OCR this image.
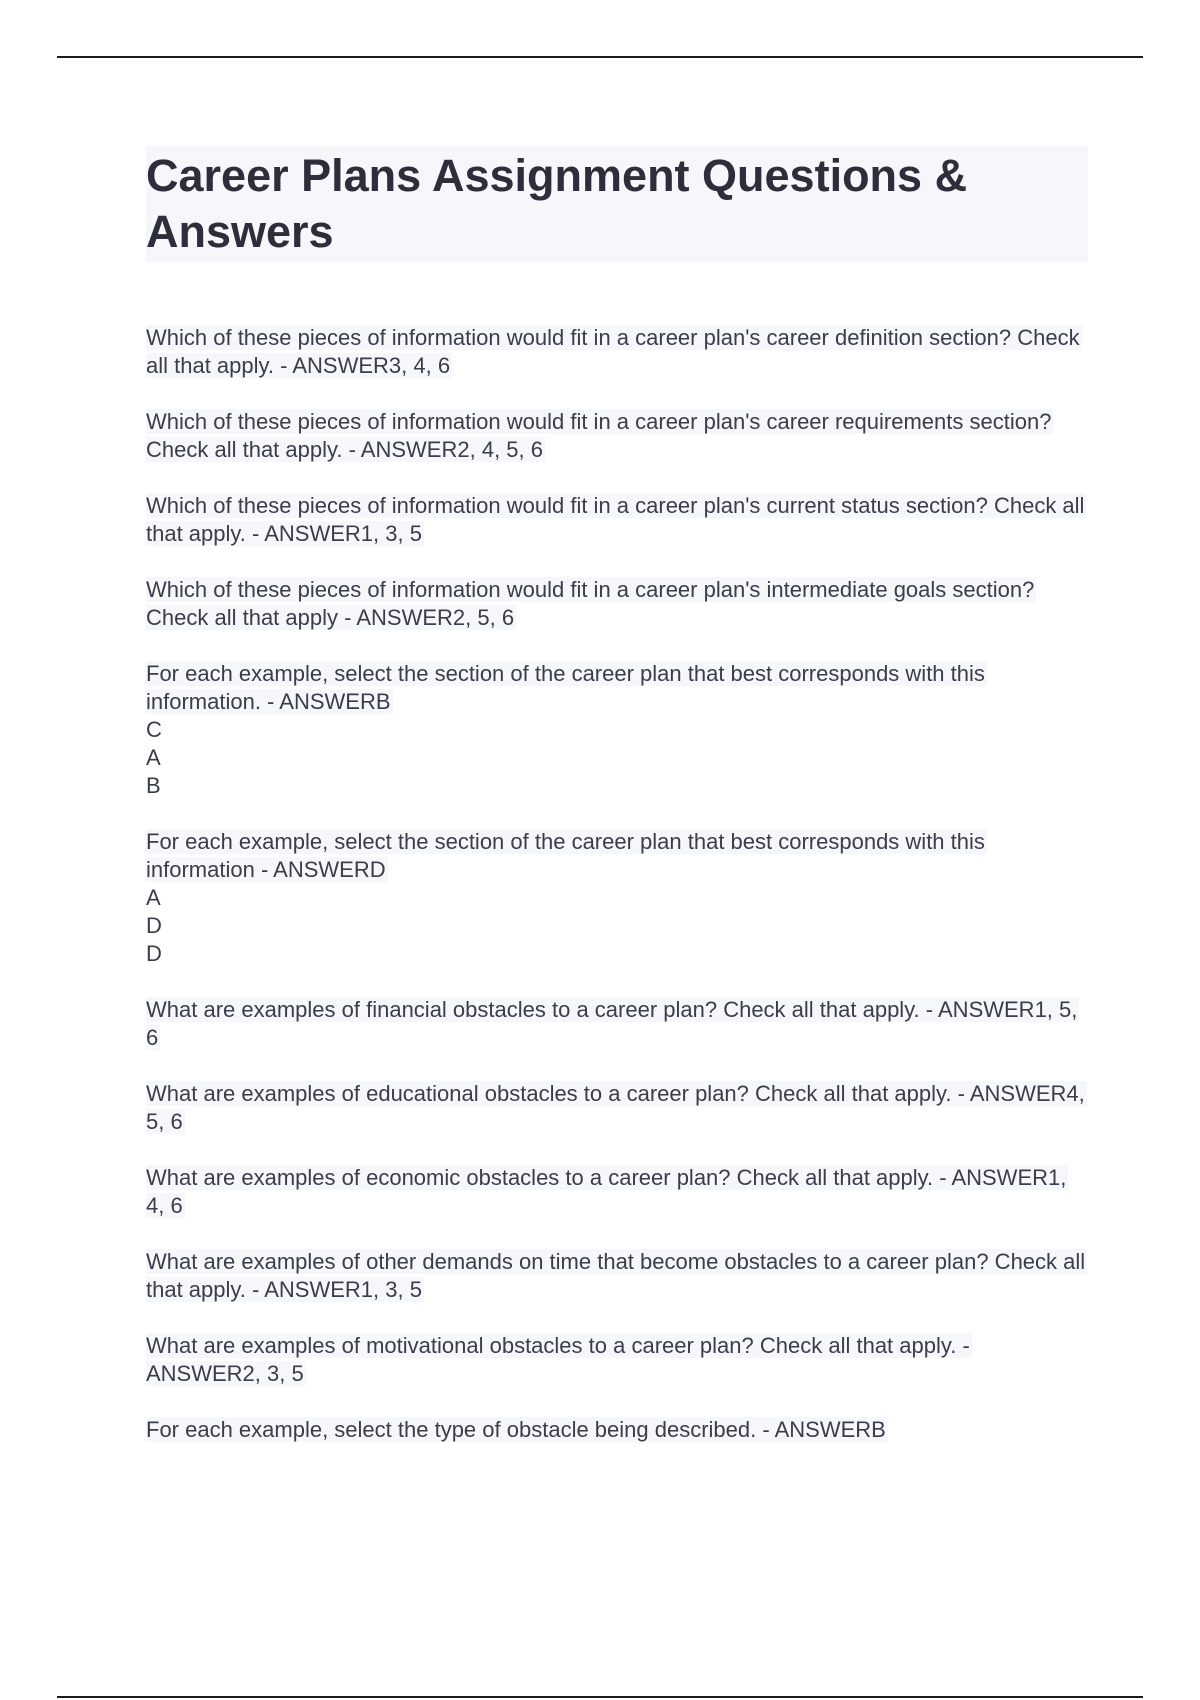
Career Plans Assignment Questions & Answers

Which of these pieces of information would fit in a career plan's career definition section? Check all that apply. - ANSWER3, 4, 6

Which of these pieces of information would fit in a career plan's career requirements section? Check all that apply. - ANSWER2, 4, 5, 6

Which of these pieces of information would fit in a career plan's current status section? Check all that apply. - ANSWER1, 3, 5

Which of these pieces of information would fit in a career plan's intermediate goals section? Check all that apply - ANSWER2, 5, 6

For each example, select the section of the career plan that best corresponds with this information. - ANSWERB
C
A
B

For each example, select the section of the career plan that best corresponds with this information - ANSWERD
A
D
D

What are examples of financial obstacles to a career plan? Check all that apply. - ANSWER1, 5, 6

What are examples of educational obstacles to a career plan? Check all that apply. - ANSWER4, 5, 6

What are examples of economic obstacles to a career plan? Check all that apply. - ANSWER1, 4, 6

What are examples of other demands on time that become obstacles to a career plan? Check all that apply. - ANSWER1, 3, 5

What are examples of motivational obstacles to a career plan? Check all that apply. - ANSWER2, 3, 5

For each example, select the type of obstacle being described. - ANSWERB
